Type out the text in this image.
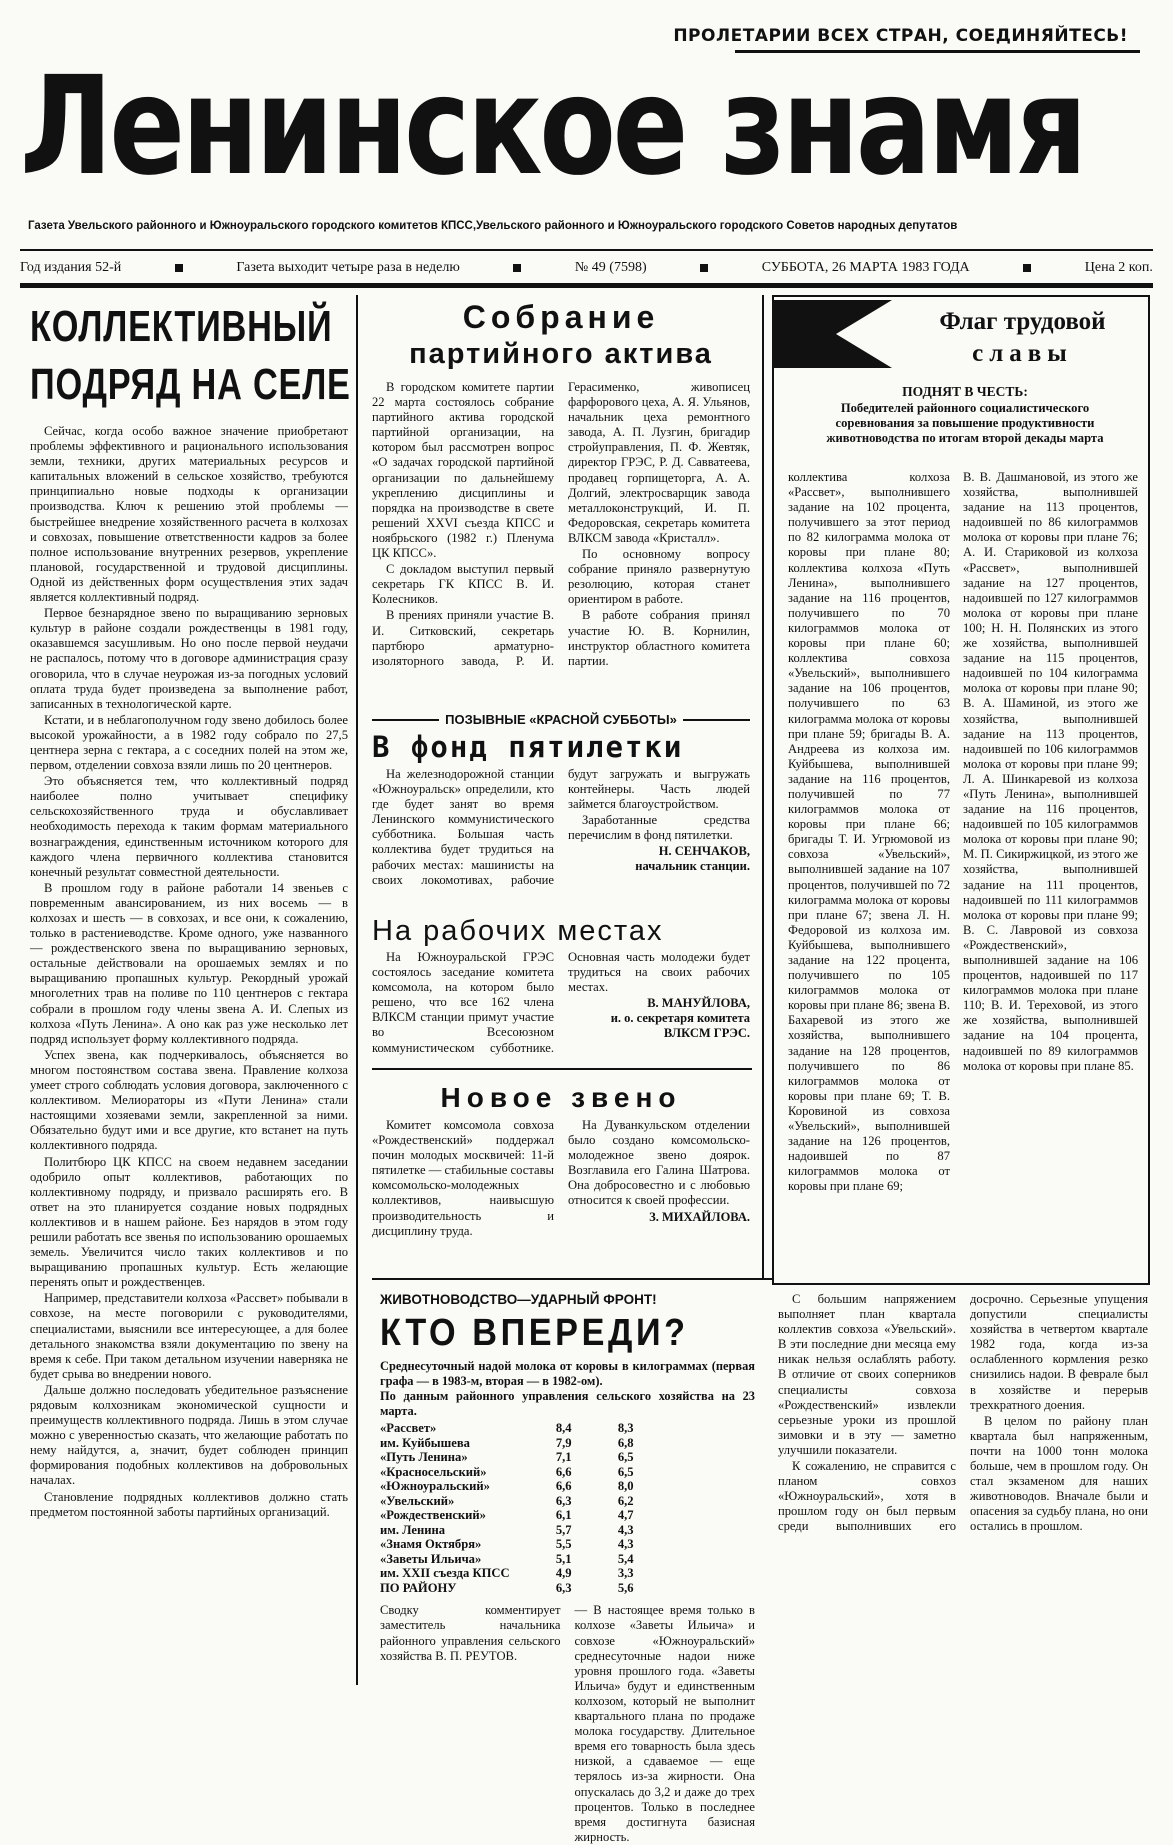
ПРОЛЕТАРИИ ВСЕХ СТРАН, СОЕДИНЯЙТЕСЬ!
Ленинское знамя
Газета Увельского районного и Южноуральского городского комитетов КПСС,Увельского районного и Южноуральского городского Советов народных депутатов
Год издания 52-й	Газета выходит четыре раза в неделю	№ 49 (7598)	СУББОТА, 26 МАРТА 1983 ГОДА	Цена 2 коп.
КОЛЛЕКТИВНЫЙ
ПОДРЯД НА СЕЛЕ

Сейчас, когда особо важное значение приобретают проблемы эффективного и рационального использования земли, техники, других материальных ресурсов и капитальных вложений в сельское хозяйство, требуются принципиально новые подходы к организации производства. Ключ к решению этой проблемы — быстрейшее внедрение хозяйственного расчета в колхозах и совхозах, повышение ответственности кадров за более полное использование внутренних резервов, укрепление плановой, государственной и трудовой дисциплины. Одной из действенных форм осуществления этих задач является коллективный подряд.

Первое безнарядное звено по выращиванию зерновых культур в районе создали рождественцы в 1981 году, оказавшемся засушливым. Но оно после первой неудачи не распалось, потому что в договоре администрация сразу оговорила, что в случае неурожая из-за погодных условий оплата труда будет произведена за выполнение работ, записанных в технологической карте.

Кстати, и в неблагополучном году звено добилось более высокой урожайности, а в 1982 году собрало по 27,5 центнера зерна с гектара, а с соседних полей на этом же, первом, отделении совхоза взяли лишь по 20 центнеров.

Это объясняется тем, что коллективный подряд наиболее полно учитывает специфику сельскохозяйственного труда и обуславливает необходимость перехода к таким формам материального вознаграждения, единственным источником которого для каждого члена первичного коллектива становится конечный результат совместной деятельности.

В прошлом году в районе работали 14 звеньев с повременным авансированием, из них восемь — в колхозах и шесть — в совхозах, и все они, к сожалению, только в растениеводстве. Кроме одного, уже названного — рождественского звена по выращиванию зерновых, остальные действовали на орошаемых землях и по выращиванию пропашных культур. Рекордный урожай многолетних трав на поливе по 110 центнеров с гектара собрали в прошлом году члены звена А. И. Слепых из колхоза «Путь Ленина». А оно как раз уже несколько лет подряд использует форму коллективного подряда.

Успех звена, как подчеркивалось, объясняется во многом постоянством состава звена. Правление колхоза умеет строго соблюдать условия договора, заключенного с коллективом. Мелиораторы из «Пути Ленина» стали настоящими хозяевами земли, закрепленной за ними. Обязательно будут ими и все другие, кто встанет на путь коллективного подряда.

Политбюро ЦК КПСС на своем недавнем заседании одобрило опыт коллективов, работающих по коллективному подряду, и призвало расширять его. В ответ на это планируется создание новых подрядных коллективов и в нашем районе. Без нарядов в этом году решили работать все звенья по использованию орошаемых земель. Увеличится число таких коллективов и по выращиванию пропашных культур. Есть желающие перенять опыт и рождественцев.

Например, представители колхоза «Рассвет» побывали в совхозе, на месте поговорили с руководителями, специалистами, выяснили все интересующее, а для более детального знакомства взяли документацию по звену на время к себе. При таком детальном изучении наверняка не будет срыва во внедрении нового.

Дальше должно последовать убедительное разъяснение рядовым колхозникам экономической сущности и преимуществ коллективного подряда. Лишь в этом случае можно с уверенностью сказать, что желающие работать по нему найдутся, а, значит, будет соблюден принцип формирования подобных коллективов на добровольных началах.

Становление подрядных коллективов должно стать предметом постоянной заботы партийных организаций.

Собрание
партийного актива

В городском комитете партии 22 марта состоялось собрание партийного актива городской партийной организации, на котором был рассмотрен вопрос «О задачах городской партийной организации по дальнейшему укреплению дисциплины и порядка на производстве в свете решений XXVI съезда КПСС и ноябрьского (1982 г.) Пленума ЦК КПСС».

С докладом выступил первый секретарь ГК КПСС В. И. Колесников.

В прениях приняли участие В. И. Ситковский, секретарь партбюро арматурно-изоляторного завода, Р. И. Герасименко, живописец фарфорового цеха, А. Я. Ульянов, начальник цеха ремонтного завода, А. П. Лузгин, бригадир стройуправления, П. Ф. Жевтяк, директор ГРЭС, Р. Д. Савватеева, продавец горпищеторга, А. А. Долгий, электросварщик завода металлоконструкций, И. П. Федоровская, секретарь комитета ВЛКСМ завода «Кристалл».

По основному вопросу собрание приняло развернутую резолюцию, которая станет ориентиром в работе.

В работе собрания принял участие Ю. В. Корнилин, инструктор областного комитета партии.

ПОЗЫВНЫЕ «КРАСНОЙ СУББОТЫ»
В фонд пятилетки

На железнодорожной станции «Южноуральск» определили, кто где будет занят во время Ленинского коммунистического субботника. Большая часть коллектива будет трудиться на рабочих местах: машинисты на своих локомотивах, рабочие будут загружать и выгружать контейнеры. Часть людей займется благоустройством.

Заработанные средства перечислим в фонд пятилетки.

Н. СЕНЧАКОВ,
начальник станции.
На рабочих местах

На Южноуральской ГРЭС состоялось заседание комитета комсомола, на котором было решено, что все 162 члена ВЛКСМ станции примут участие во Всесоюзном коммунистическом субботнике. Основная часть молодежи будет трудиться на своих рабочих местах.

В. МАНУЙЛОВА,
и. о. секретаря комитета ВЛКСМ ГРЭС.
Новое звено

Комитет комсомола совхоза «Рождественский» поддержал почин молодых москвичей: 11-й пятилетке — стабильные составы комсомольско-молодежных коллективов, наивысшую производительность и дисциплину труда.

На Дуванкульском отделении было создано комсомольско-молодежное звено доярок. Возглавила его Галина Шатрова. Она добросовестно и с любовью относится к своей профессии.

З. МИХАЙЛОВА.
Флаг трудовой
славы
ПОДНЯТ В ЧЕСТЬ:
Победителей районного социалистического соревнования за повышение продуктивности животноводства по итогам второй декады марта
коллектива колхоза «Рассвет», выполнившего задание на 102 процента, получившего за этот период по 82 килограмма молока от коровы при плане 80; коллектива колхоза «Путь Ленина», выполнившего задание на 116 процентов, получившего по 70 килограммов молока от коровы при плане 60; коллектива совхоза «Увельский», выполнившего задание на 106 процентов, получившего по 63 килограмма молока от коровы при плане 59; бригады В. А. Андреева из колхоза им. Куйбышева, выполнившей задание на 116 процентов, получившей по 77 килограммов молока от коровы при плане 66; бригады Т. И. Угрюмовой из совхоза «Увельский», выполнившей задание на 107 процентов, получившей по 72 килограмма молока от коровы при плане 67; звена Л. Н. Федоровой из колхоза им. Куйбышева, выполнившего задание на 122 процента, получившего по 105 килограммов молока от коровы при плане 86; звена В. Бахаревой из этого же хозяйства, выполнившего задание на 128 процентов, получившего по 86 килограммов молока от коровы при плане 69; Т. В. Коровиной из совхоза «Увельский», выполнившей задание на 126 процентов, надоившей по 87 килограммов молока от коровы при плане 69;
В. В. Дашмановой, из этого же хозяйства, выполнившей задание на 113 процентов, надоившей по 86 килограммов молока от коровы при плане 76; А. И. Стариковой из колхоза «Рассвет», выполнившей задание на 127 процентов, надоившей по 127 килограммов молока от коровы при плане 100; Н. Н. Полянских из этого же хозяйства, выполнившей задание на 115 процентов, надоившей по 104 килограмма молока от коровы при плане 90; В. А. Шаминой, из этого же хозяйства, выполнившей задание на 113 процентов, надоившей по 106 килограммов молока от коровы при плане 99; Л. А. Шинкаревой из колхоза «Путь Ленина», выполнившей задание на 116 процентов, надоившей по 105 килограммов молока от коровы при плане 90; М. П. Сикиржицкой, из этого же хозяйства, выполнившей задание на 111 процентов, надоившей по 111 килограммов молока от коровы при плане 99; В. С. Лавровой из совхоза «Рождественский», выполнившей задание на 106 процентов, надоившей по 117 килограммов молока при плане 110; В. И. Тереховой, из этого же хозяйства, выполнившей задание на 104 процента, надоившей по 89 килограммов молока от коровы при плане 85.
ЖИВОТНОВОДСТВО—УДАРНЫЙ ФРОНТ!
КТО ВПЕРЕДИ?
Среднесуточный надой молока от коровы в килограммах (первая графа — в 1983-м, вторая — в 1982-ом).
По данным районного управления сельского хозяйства на 23 марта.
«Рассвет»	8,4	8,3
им. Куйбышева	7,9	6,8
«Путь Ленина»	7,1	6,5
«Красносельский»	6,6	6,5
«Южноуральский»	6,6	8,0
«Увельский»	6,3	6,2
«Рождественский»	6,1	4,7
им. Ленина	5,7	4,3
«Знамя Октября»	5,5	4,3
«Заветы Ильича»	5,1	5,4
им. XXII съезда КПСС	4,9	3,3
ПО РАЙОНУ	6,3	5,6
Сводку комментирует заместитель начальника районного управления сельского хозяйства В. П. РЕУТОВ.
— В настоящее время только в колхозе «Заветы Ильича» и совхозе «Южноуральский» среднесуточные надои ниже уровня прошлого года. «Заветы Ильича» будут и единственным колхозом, который не выполнит квартального плана по продаже молока государству. Длительное время его товарность была здесь низкой, а сдаваемое — еще терялось из-за жирности. Она опускалась до 3,2 и даже до трех процентов. Только в последнее время достигнута базисная жирность.

С большим напряжением выполняет план квартала коллектив совхоза «Увельский». В эти последние дни месяца ему никак нельзя ослаблять работу. В отличие от своих соперников специалисты совхоза «Рождественский» извлекли серьезные уроки из прошлой зимовки и в эту — заметно улучшили показатели.

К сожалению, не справится с планом совхоз «Южноуральский», хотя в прошлом году он был первым среди выполнивших его досрочно. Серьезные упущения допустили специалисты хозяйства в четвертом квартале 1982 года, когда из-за ослабленного кормления резко снизились надои. В феврале был в хозяйстве и перерыв трехкратного доения.

В целом по району план квартала был напряженным, почти на 1000 тонн молока больше, чем в прошлом году. Он стал экзаменом для наших животноводов. Вначале были и опасения за судьбу плана, но они остались в прошлом.
